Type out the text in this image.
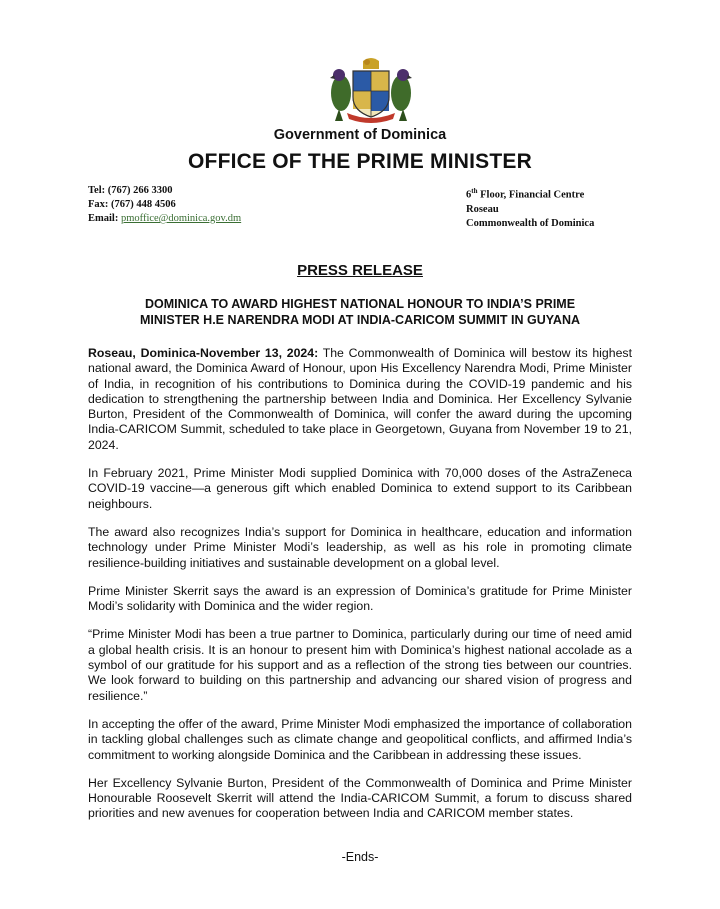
Government of Dominica
OFFICE OF THE PRIME MINISTER
Tel: (767) 266 3300
Fax: (767) 448 4506
Email: pmoffice@dominica.gov.dm
6th Floor, Financial Centre
Roseau
Commonwealth of Dominica
PRESS RELEASE
DOMINICA TO AWARD HIGHEST NATIONAL HONOUR TO INDIA’S PRIME
MINISTER H.E NARENDRA MODI AT INDIA-CARICOM SUMMIT IN GUYANA

Roseau, Dominica-November 13, 2024: The Commonwealth of Dominica will bestow its highest national award, the Dominica Award of Honour, upon His Excellency Narendra Modi, Prime Minister of India, in recognition of his contributions to Dominica during the COVID-19 pandemic and his dedication to strengthening the partnership between India and Dominica. Her Excellency Sylvanie Burton, President of the Commonwealth of Dominica, will confer the award during the upcoming India-CARICOM Summit, scheduled to take place in Georgetown, Guyana from November 19 to 21, 2024.

In February 2021, Prime Minister Modi supplied Dominica with 70,000 doses of the AstraZeneca COVID-19 vaccine—a generous gift which enabled Dominica to extend support to its Caribbean neighbours.

The award also recognizes India’s support for Dominica in healthcare, education and information technology under Prime Minister Modi’s leadership, as well as his role in promoting climate resilience-building initiatives and sustainable development on a global level.

Prime Minister Skerrit says the award is an expression of Dominica’s gratitude for Prime Minister Modi’s solidarity with Dominica and the wider region.

“Prime Minister Modi has been a true partner to Dominica, particularly during our time of need amid a global health crisis. It is an honour to present him with Dominica’s highest national accolade as a symbol of our gratitude for his support and as a reflection of the strong ties between our countries. We look forward to building on this partnership and advancing our shared vision of progress and resilience.”

In accepting the offer of the award, Prime Minister Modi emphasized the importance of collaboration in tackling global challenges such as climate change and geopolitical conflicts, and affirmed India’s commitment to working alongside Dominica and the Caribbean in addressing these issues.

Her Excellency Sylvanie Burton, President of the Commonwealth of Dominica and Prime Minister Honourable Roosevelt Skerrit will attend the India-CARICOM Summit, a forum to discuss shared priorities and new avenues for cooperation between India and CARICOM member states.

-Ends-
